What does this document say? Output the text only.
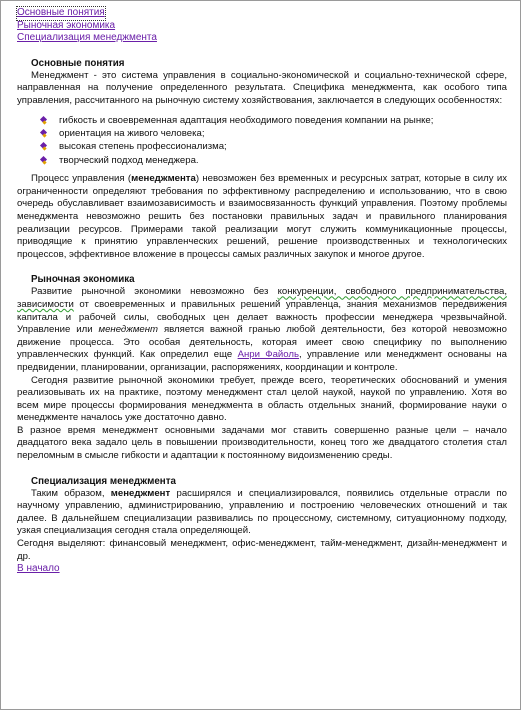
Основные понятия
Рыночная экономика
Специализация менеджмента
Основные понятия

Менеджмент - это система управления в социально-экономической и социально-технической сфере, направленная на получение определенного результата. Специфика менеджмента, как особого типа управления, рассчитанного на рыночную систему хозяйствования, заключается в следующих особенностях:

гибкость и своевременная адаптация необходимого поведения компании на рынке;
ориентация на живого человека;
высокая степень профессионализма;
творческий подход менеджера.

Процесс управления (менеджмента) невозможен без временных и ресурсных затрат, которые в силу их ограниченности определяют требования по эффективному распределению и использованию, что в свою очередь обуславливает взаимозависимость и взаимосвязанность функций управления. Поэтому проблемы менеджмента невозможно решить без постановки правильных задач и правильного планирования реализации ресурсов. Примерами такой реализации могут служить коммуникационные процессы, приводящие к принятию управленческих решений, решение производственных и технологических процессов, эффективное вложение в процессы самых различных закупок и многое другое.

Рыночная экономика

Развитие рыночной экономики невозможно без конкуренции, свободного предпринимательства, зависимости от своевременных и правильных решений управленца, знания механизмов передвижения капитала и рабочей силы, свободных цен делает важность профессии менеджера чрезвычайной. Управление или менеджмент является важной гранью любой деятельности, без которой невозможно движение процесса. Это особая деятельность, которая имеет свою специфику по выполнению управленческих функций. Как определил еще Анри Файоль, управление или менеджмент основаны на предвидении, планировании, организации, распоряжениях, координации и контроле.

Сегодня развитие рыночной экономики требует, прежде всего, теоретических обоснований и умения реализовывать их на практике, поэтому менеджмент стал целой наукой, наукой по управлению. Хотя во всем мире процессы формирования менеджмента в область отдельных знаний, формирование науки о менеджменте началось уже достаточно давно.

В разное время менеджмент основными задачами мог ставить совершенно разные цели – начало двадцатого века задало цель в повышении производительности, конец того же двадцатого столетия стал переломным в смысле гибкости и адаптации к постоянному видоизменению среды.

Специализация менеджмента

Таким образом, менеджмент расширялся и специализировался, появились отдельные отрасли по научному управлению, администрированию, управлению и построению человеческих отношений и так далее. В дальнейшем специализации развивались по процессному, системному, ситуационному подходу, узкая специализация сегодня стала определяющей.

Сегодня выделяют: финансовый менеджмент, офис-менеджмент, тайм-менеджмент, дизайн-менеджмент и др.

В начало
